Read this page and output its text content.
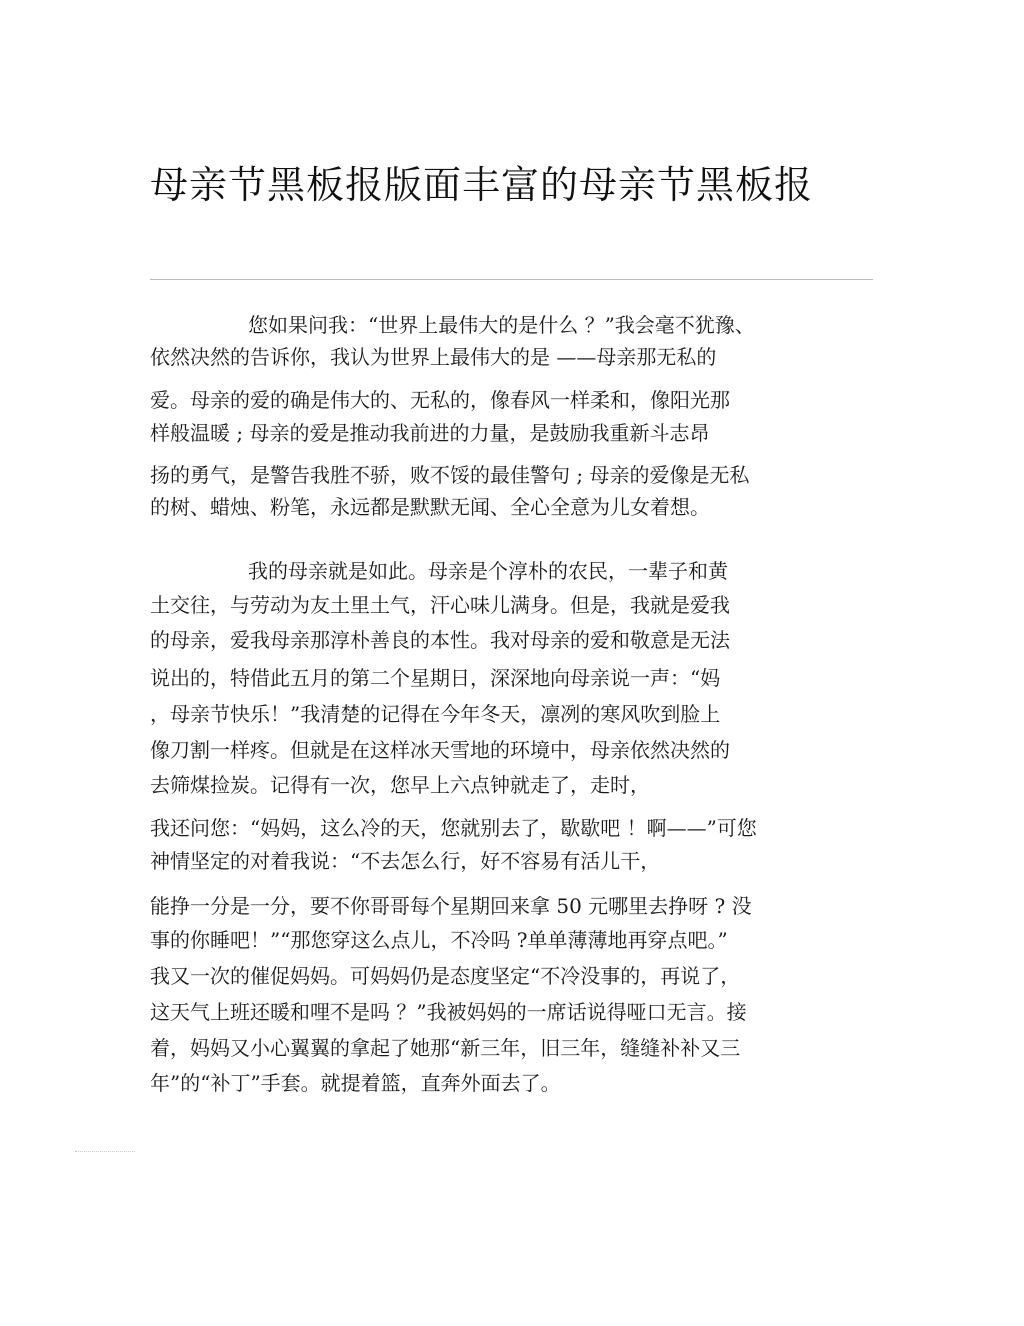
母亲节黑板报版面丰富的母亲节黑板报
您如果问我：“世界上最伟大的是什么 ？”我会毫不犹豫、
依然决然的告诉你，我认为世界上最伟大的是 ——母亲那无私的
爱。母亲的爱的确是伟大的、无私的，像春风一样柔和，像阳光那
样般温暖 ; 母亲的爱是推动我前进的力量，是鼓励我重新斗志昂
扬的勇气，是警告我胜不骄，败不馁的最佳警句 ; 母亲的爱像是无私
的树、蜡烛、粉笔，永远都是默默无闻、全心全意为儿女着想。
我的母亲就是如此。母亲是个淳朴的农民，一辈子和黄
土交往，与劳动为友土里土气，汗心味儿满身。但是，我就是爱我
的母亲，爱我母亲那淳朴善良的本性。我对母亲的爱和敬意是无法
说出的，特借此五月的第二个星期日，深深地向母亲说一声：“妈
，母亲节快乐！”我清楚的记得在今年冬天，凛冽的寒风吹到脸上
像刀割一样疼。但就是在这样冰天雪地的环境中，母亲依然决然的
去筛煤捡炭。记得有一次，您早上六点钟就走了，走时，
我还问您：“妈妈，这么冷的天，您就别去了，歇歇吧 ！啊——”可您
神情坚定的对着我说：“不去怎么行，好不容易有活儿干，
能挣一分是一分，要不你哥哥每个星期回来拿 50 元哪里去挣呀 ? 没
事的你睡吧！”“那您穿这么点儿，不冷吗 ?单单薄薄地再穿点吧。”
我又一次的催促妈妈。可妈妈仍是态度坚定“不冷没事的，再说了，
这天气上班还暖和哩不是吗 ？”我被妈妈的一席话说得哑口无言。接
着，妈妈又小心翼翼的拿起了她那“新三年，旧三年，缝缝补补又三
年”的“补丁”手套。就提着篮，直奔外面去了。
